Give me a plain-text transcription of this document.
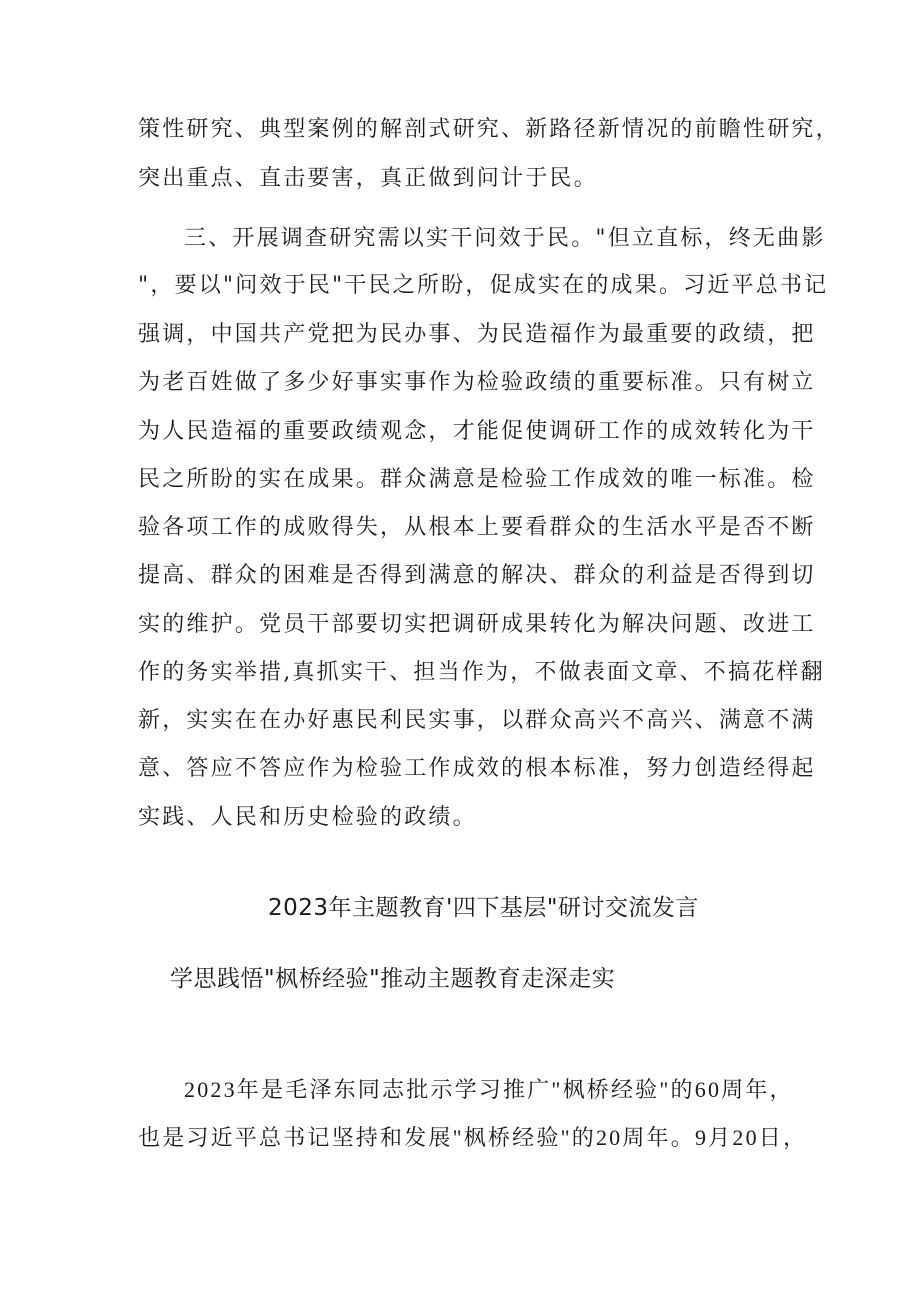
策性研究、典型案例的解剖式研究、新路径新情况的前瞻性研究，
突出重点、直击要害，真正做到问计于民。
三、开展调查研究需以实干问效于民。"但立直标，终无曲影
"，要以"问效于民"干民之所盼，促成实在的成果。习近平总书记
强调，中国共产党把为民办事、为民造福作为最重要的政绩，把
为老百姓做了多少好事实事作为检验政绩的重要标准。只有树立
为人民造福的重要政绩观念，才能促使调研工作的成效转化为干
民之所盼的实在成果。群众满意是检验工作成效的唯一标准。检
验各项工作的成败得失，从根本上要看群众的生活水平是否不断
提高、群众的困难是否得到满意的解决、群众的利益是否得到切
实的维护。党员干部要切实把调研成果转化为解决问题、改进工
作的务实举措,真抓实干、担当作为，不做表面文章、不搞花样翻
新，实实在在办好惠民利民实事，以群众高兴不高兴、满意不满
意、答应不答应作为检验工作成效的根本标准，努力创造经得起
实践、人民和历史检验的政绩。
2023年主题教育'四下基层"研讨交流发言
学思践悟"枫桥经验"推动主题教育走深走实
2023年是毛泽东同志批示学习推广"枫桥经验"的60周年，
也是习近平总书记坚持和发展"枫桥经验"的20周年。9月20日，
